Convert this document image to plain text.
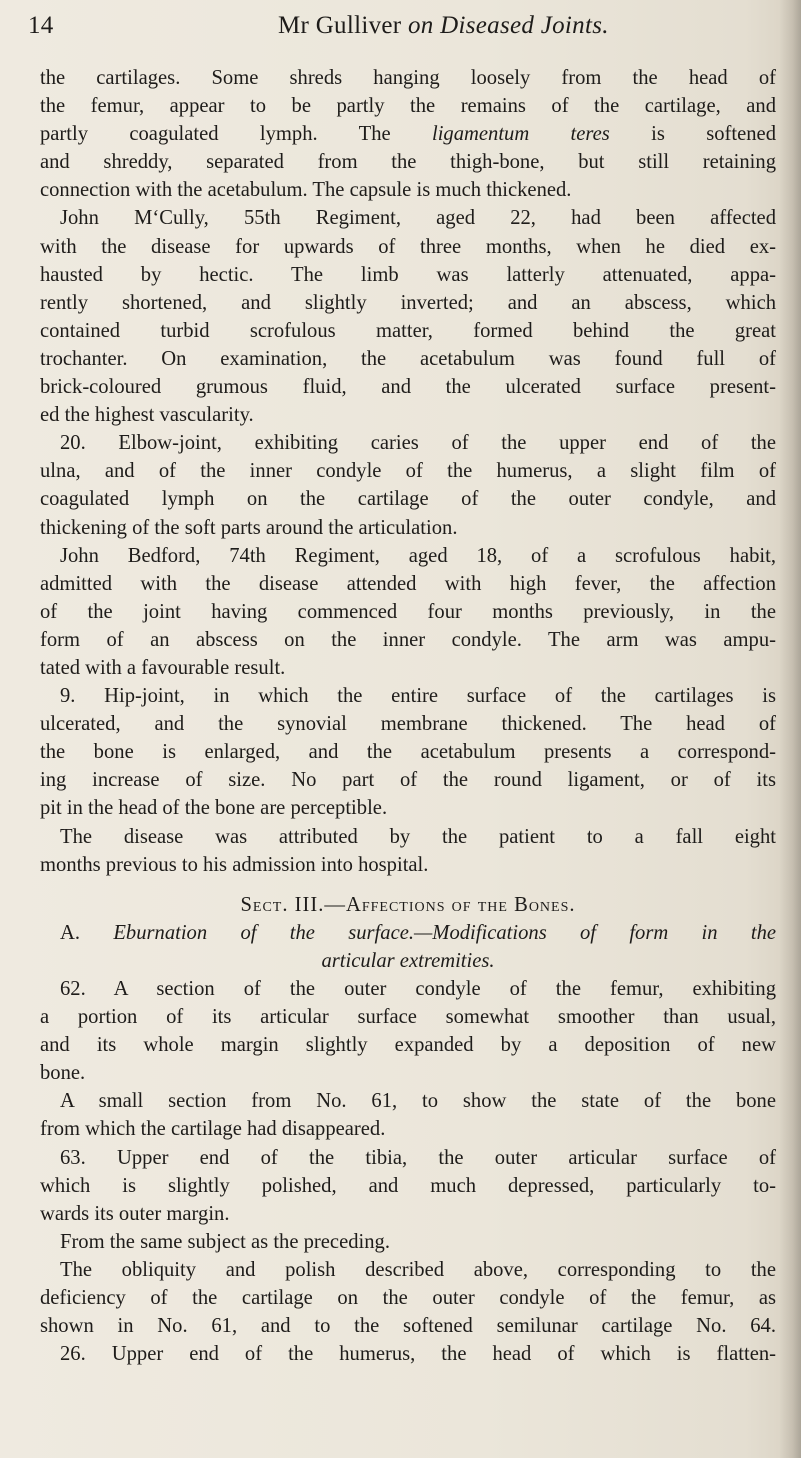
14	Mr Gulliver on Diseased Joints.

the cartilages. Some shreds hanging loosely from the head of

the femur, appear to be partly the remains of the cartilage, and

partly coagulated lymph. The ligamentum teres is softened

and shreddy, separated from the thigh-bone, but still retaining

connection with the acetabulum. The capsule is much thickened.

John M‘Cully, 55th Regiment, aged 22, had been affected

with the disease for upwards of three months, when he died ex-

hausted by hectic. The limb was latterly attenuated, appa-

rently shortened, and slightly inverted; and an abscess, which

contained turbid scrofulous matter, formed behind the great

trochanter. On examination, the acetabulum was found full of

brick-coloured grumous fluid, and the ulcerated surface present-

ed the highest vascularity.

20. Elbow-joint, exhibiting caries of the upper end of the

ulna, and of the inner condyle of the humerus, a slight film of

coagulated lymph on the cartilage of the outer condyle, and

thickening of the soft parts around the articulation.

John Bedford, 74th Regiment, aged 18, of a scrofulous habit,

admitted with the disease attended with high fever, the affection

of the joint having commenced four months previously, in the

form of an abscess on the inner condyle. The arm was ampu-

tated with a favourable result.

9. Hip-joint, in which the entire surface of the cartilages is

ulcerated, and the synovial membrane thickened. The head of

the bone is enlarged, and the acetabulum presents a correspond-

ing increase of size. No part of the round ligament, or of its

pit in the head of the bone are perceptible.

The disease was attributed by the patient to a fall eight

months previous to his admission into hospital.

Sect. III.—Affections of the Bones.

A. Eburnation of the surface.—Modifications of form in the

articular extremities.

62. A section of the outer condyle of the femur, exhibiting

a portion of its articular surface somewhat smoother than usual,

and its whole margin slightly expanded by a deposition of new

bone.

A small section from No. 61, to show the state of the bone

from which the cartilage had disappeared.

63. Upper end of the tibia, the outer articular surface of

which is slightly polished, and much depressed, particularly to-

wards its outer margin.

From the same subject as the preceding.

The obliquity and polish described above, corresponding to the

deficiency of the cartilage on the outer condyle of the femur, as

shown in No. 61, and to the softened semilunar cartilage No. 64.

26. Upper end of the humerus, the head of which is flatten-
